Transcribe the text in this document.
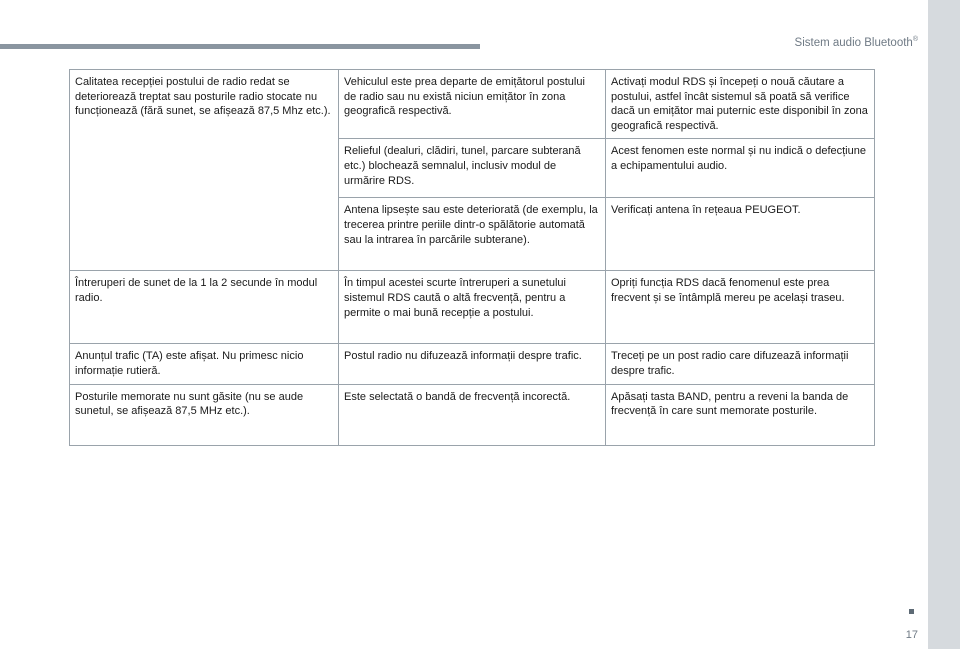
Sistem audio Bluetooth®
Calitatea recepției postului de radio redat se deteriorează treptat sau posturile radio stocate nu funcționează (fără sunet, se afișează 87,5 Mhz etc.).	Vehiculul este prea departe de emițătorul postului de radio sau nu există niciun emițător în zona geografică respectivă.	Activați modul RDS și începeți o nouă căutare a postului, astfel încât sistemul să poată să verifice dacă un emițător mai puternic este disponibil în zona geografică respectivă.
	Relieful (dealuri, clădiri, tunel, parcare subterană etc.) blochează semnalul, inclusiv modul de urmărire RDS.	Acest fenomen este normal și nu indică o defecțiune a echipamentului audio.
	Antena lipsește sau este deteriorată (de exemplu, la trecerea printre periile dintr-o spălătorie automată sau la intrarea în parcările subterane).	Verificați antena în rețeaua PEUGEOT.
Întreruperi de sunet de la 1 la 2 secunde în modul radio.	În timpul acestei scurte întreruperi a sunetului sistemul RDS caută o altă frecvență, pentru a permite o mai bună recepție a postului.	Opriți funcția RDS dacă fenomenul este prea frecvent și se întâmplă mereu pe același traseu.
Anunțul trafic (TA) este afișat. Nu primesc nicio informație rutieră.	Postul radio nu difuzează informații despre trafic.	Treceți pe un post radio care difuzează informații despre trafic.
Posturile memorate nu sunt găsite (nu se aude sunetul, se afișează 87,5 MHz etc.).	Este selectată o bandă de frecvență incorectă.	Apăsați tasta BAND, pentru a reveni la banda de frecvență în care sunt memorate posturile.
17
